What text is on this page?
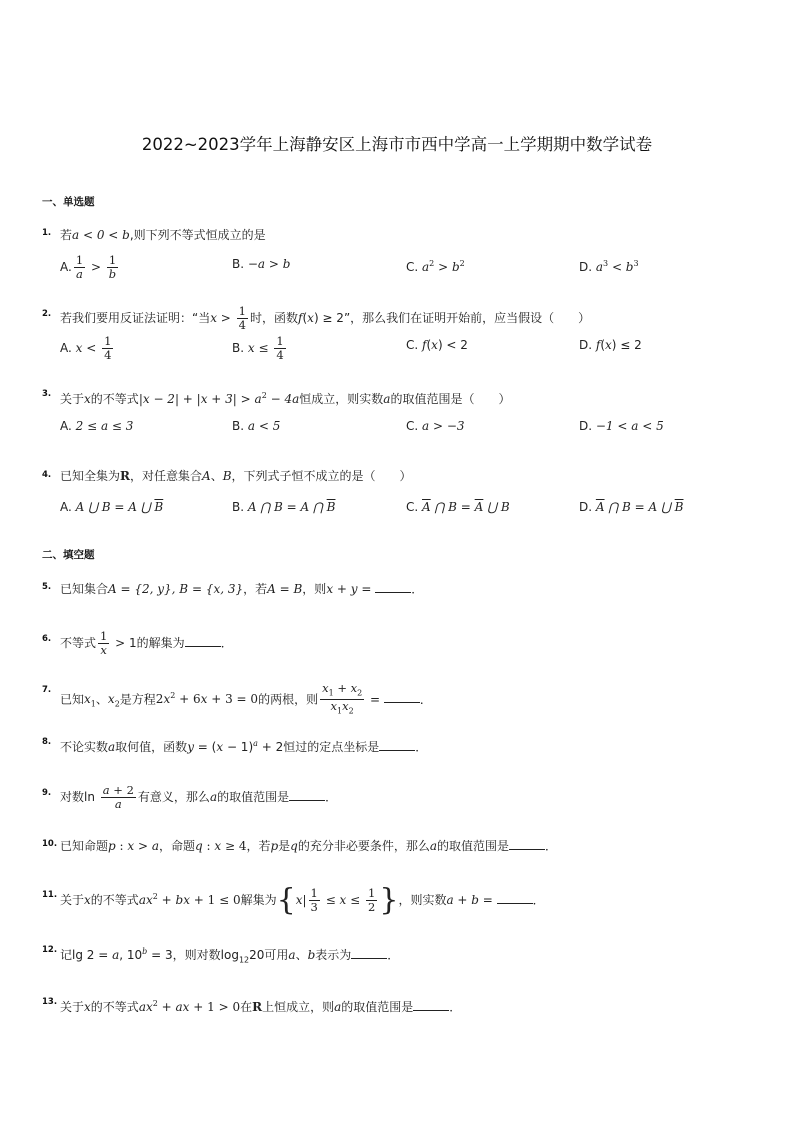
2022~2023学年上海静安区上海市市西中学高一上学期期中数学试卷
一、单选题
1. 若a < 0 < b,则下列不等式恒成立的是
A. $\frac{1}{a} > \frac{1}{b}$	B. −a > b	C. $a^2 > b^2$	D. $a^3 < b^3$
2. 若我们要用反证法证明：“当$x > \frac{1}{4}$ 时，函数f(x) ≥ 2”，那么我们在证明开始前，应当假设（　　）
A. $x < \frac{1}{4}$	B. $x \le \frac{1}{4}$	C. f(x) < 2	D. f(x) ≤ 2
3. 关于x的不等式$|x - 2| + |x + 3| > a^2 - 4a$恒成立，则实数a的取值范围是（　　）
A. 2 ≤ a ≤ 3	B. a < 5	C. a > −3	D. −1 < a < 5
4. 已知全集为R，对任意集合A、B，下列式子恒不成立的是（　　）
A. A ⋃ B = A ⋃ $\overline{B}$	B. A ⋂ B = A ⋂ $\overline{B}$	C. $\overline{A}$ ⋂ $B = \overline{A}$ ⋃ B	D. $\overline{A}$ ⋂ B = A ⋃ $\overline{B}$
二、填空题
5. 已知集合A = {2, y}, B = {x, 3}，若A = B，则x + y =	．
6. 不等式 $\frac{1}{x} > 1$的解集为	．
7.
已知$x_1$、$x_2$是方程$2x^2 + 6x + 3 = 0$的两根，则 $\frac{x_1 + x_2}{x_1x_2}$ =	．
8. 不论实数a取何值，函数$y = (x - 1)^a + 2$恒过的定点坐标是	．
9. 对数$\ln \frac{a + 2}{a}$ 有意义，那么a的取值范围是	．
10. 已知命题p : x > a，命题q : x ≥ 4，若p是q的充分非必要条件，那么a的取值范围是	．
11. 关于x的不等式$ax^2$ + bx + 1 ≤ 0解集为{$x| \frac{1}{3} \le x \le \frac{1}{2}$ }，则实数a + b =	．
12. 记lg 2 = a, $10^b = 3$，则对数$\log_{12}20$可用a、b表示为	．
13. 关于x的不等式$ax^2$ + ax + 1 > 0在R上恒成立，则a的取值范围是	．
